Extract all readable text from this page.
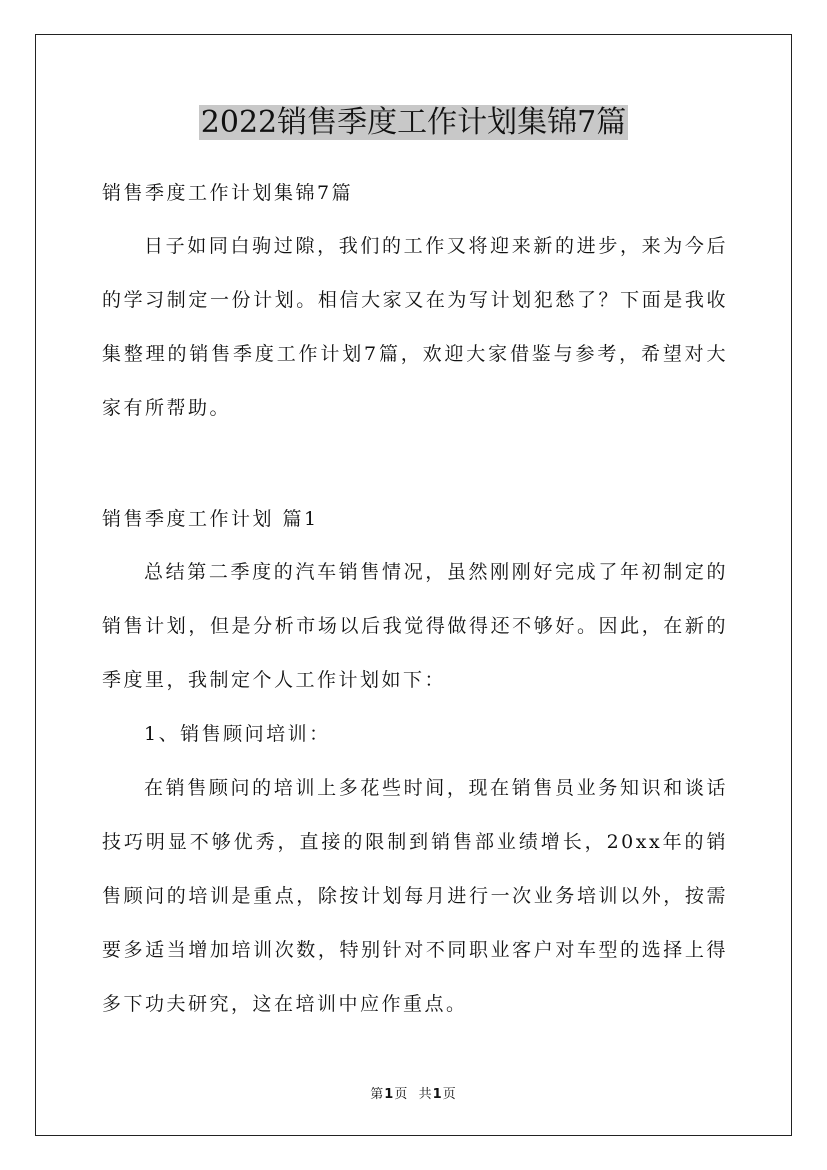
2022销售季度工作计划集锦7篇

销售季度工作计划集锦7篇

日子如同白驹过隙，我们的工作又将迎来新的进步，来为今后的学习制定一份计划。相信大家又在为写计划犯愁了？下面是我收集整理的销售季度工作计划7篇，欢迎大家借鉴与参考，希望对大家有所帮助。

销售季度工作计划 篇1

总结第二季度的汽车销售情况，虽然刚刚好完成了年初制定的销售计划，但是分析市场以后我觉得做得还不够好。因此，在新的季度里，我制定个人工作计划如下：

1、销售顾问培训：

在销售顾问的培训上多花些时间，现在销售员业务知识和谈话技巧明显不够优秀，直接的限制到销售部业绩增长，20xx年的销售顾问的培训是重点，除按计划每月进行一次业务培训以外，按需要多适当增加培训次数，特别针对不同职业客户对车型的选择上得多下功夫研究，这在培训中应作重点。

第1页 共1页
